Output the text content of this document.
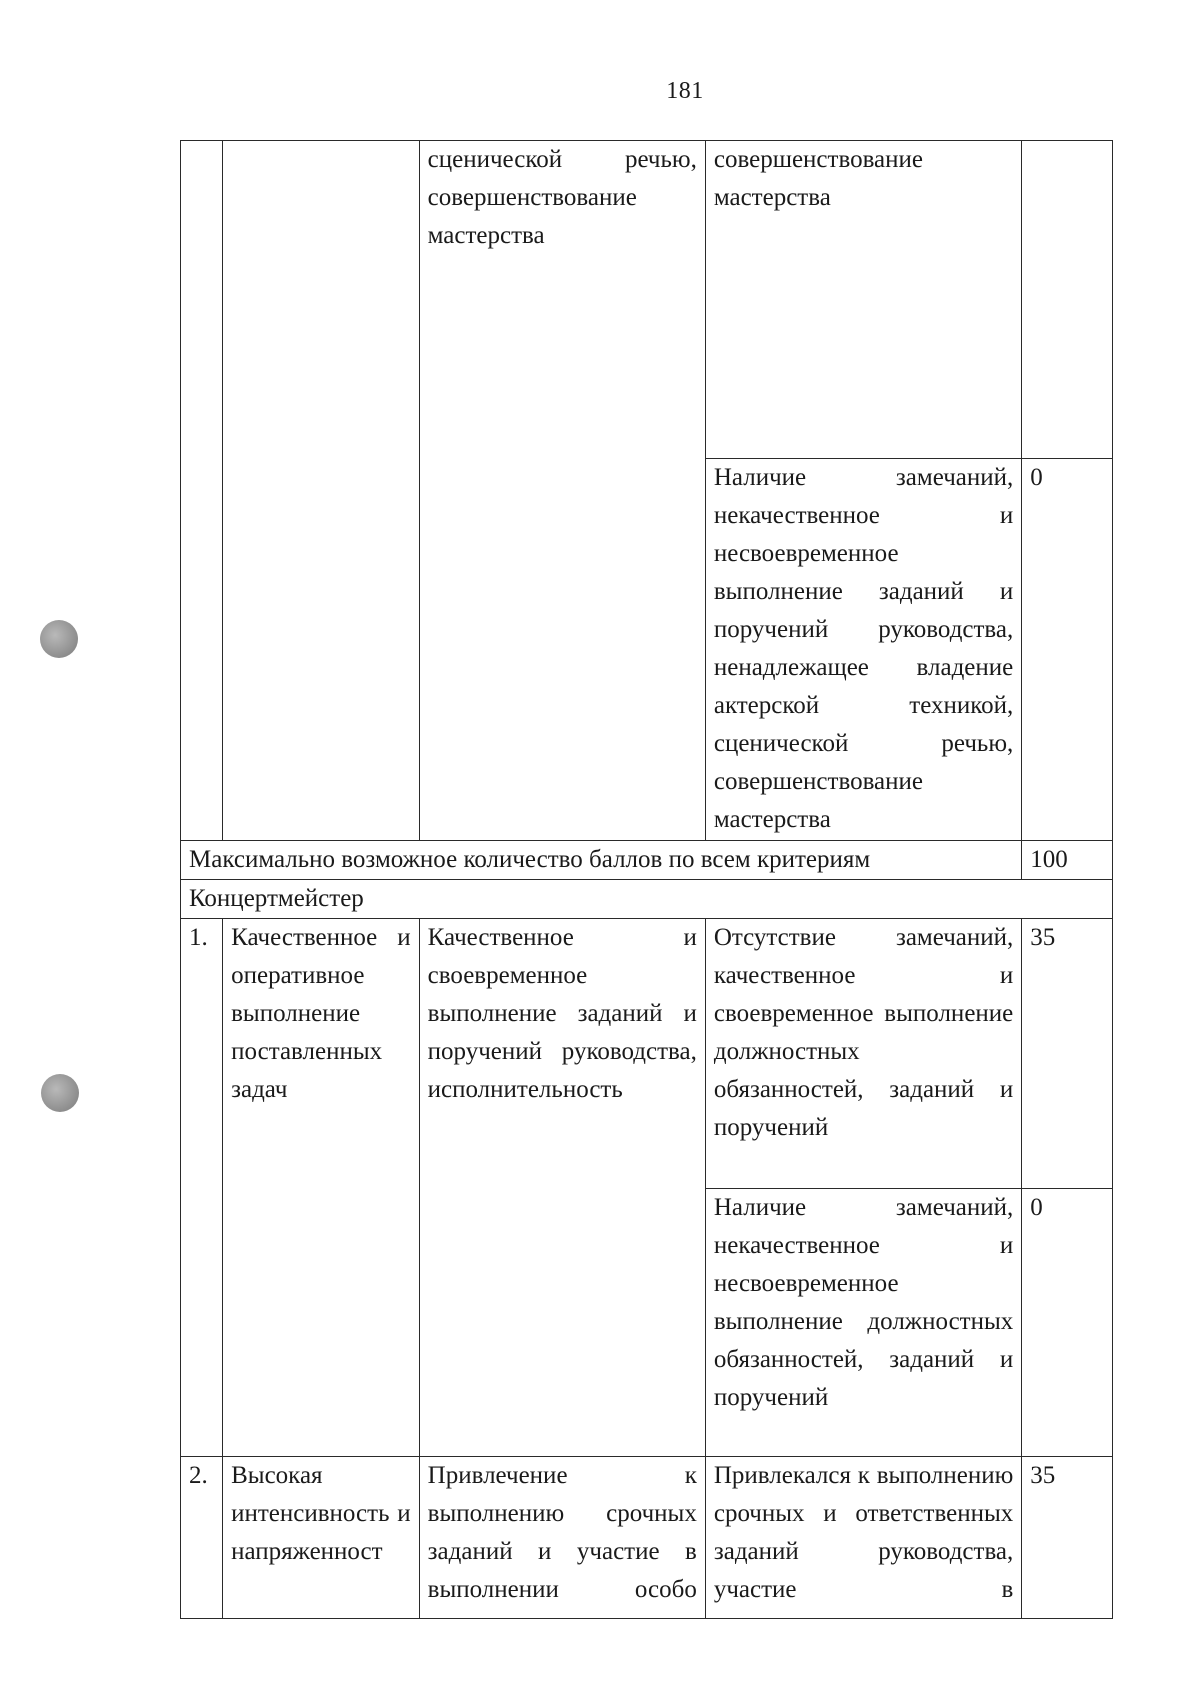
181
		сценической речью, совершенствование мастерства	совершенствование мастерства	
			Наличие замечаний, некачественное и несвоевременное выполнение заданий и поручений руководства, ненадлежащее владение актерской техникой, сценической речью, совершенствование мастерства	0
Максимально возможное количество баллов по всем критериям				100
Концертмейстер				
1.	Качественное и оперативное выполнение поставленных задач	Качественное и своевременное выполнение заданий и поручений руководства, исполнительность	Отсутствие замечаний, качественное и своевременное выполнение должностных обязанностей, заданий и поручений	35
			Наличие замечаний, некачественное и несвоевременное выполнение должностных обязанностей, заданий и поручений	0
2.	Высокая интенсивность и напряженност	Привлечение к выполнению срочных заданий и участие в выполнении особо	Привлекался к выполнению срочных и ответственных заданий руководства, участие в	35
